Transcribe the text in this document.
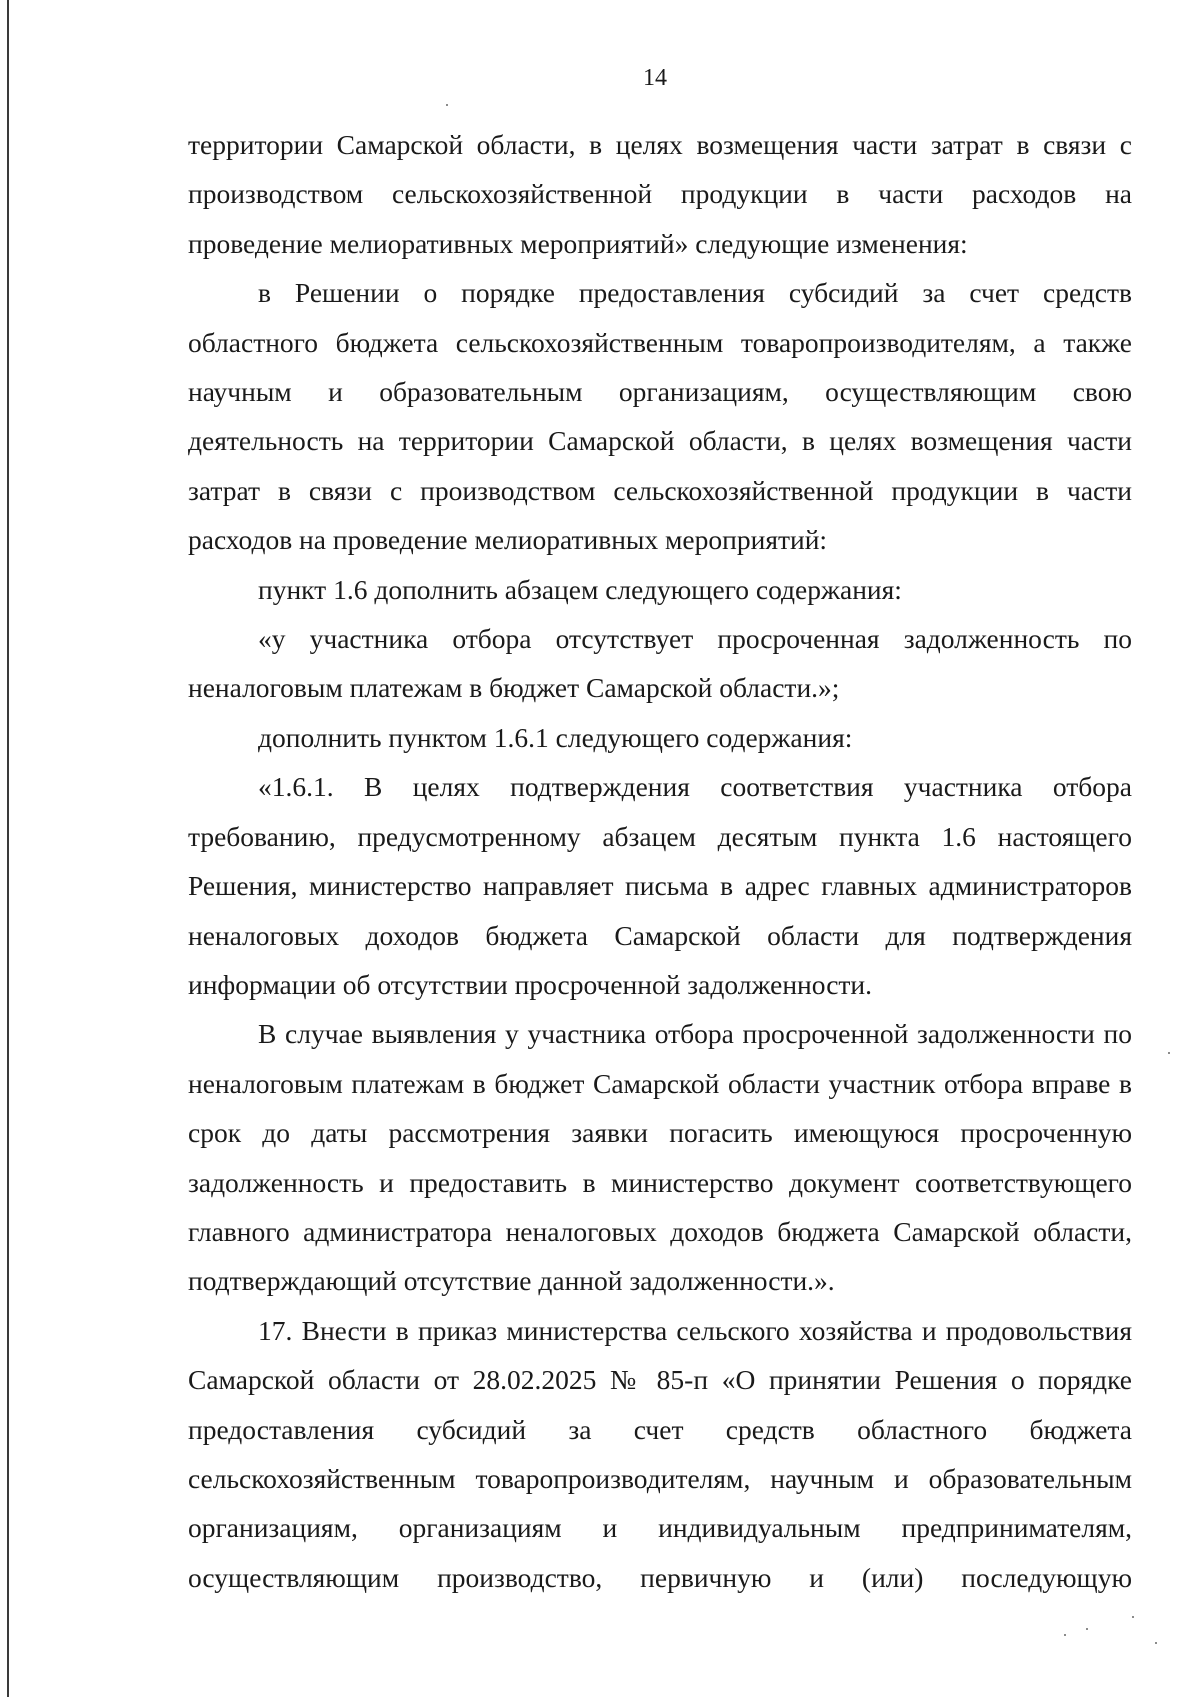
14

территории Самарской области, в целях возмещения части затрат в связи с производством сельскохозяйственной продукции в части расходов на проведение мелиоративных мероприятий» следующие изменения:

в Решении о порядке предоставления субсидий за счет средств областного бюджета сельскохозяйственным товаропроизводителям, а также научным и образовательным организациям, осуществляющим свою деятельность на территории Самарской области, в целях возмещения части затрат в связи с производством сельскохозяйственной продукции в части расходов на проведение мелиоративных мероприятий:

пункт 1.6 дополнить абзацем следующего содержания:

«у участника отбора отсутствует просроченная задолженность по неналоговым платежам в бюджет Самарской области.»;

дополнить пунктом 1.6.1 следующего содержания:

«1.6.1. В целях подтверждения соответствия участника отбора требованию, предусмотренному абзацем десятым пункта 1.6 настоящего Решения, министерство направляет письма в адрес главных администраторов неналоговых доходов бюджета Самарской области для подтверждения информации об отсутствии просроченной задолженности.

В случае выявления у участника отбора просроченной задолженности по неналоговым платежам в бюджет Самарской области участник отбора вправе в срок до даты рассмотрения заявки погасить имеющуюся просроченную задолженность и предоставить в министерство документ соответствующего главного администратора неналоговых доходов бюджета Самарской области, подтверждающий отсутствие данной задолженности.».

17. Внести в приказ министерства сельского хозяйства и продовольствия Самарской области от 28.02.2025 № 85-п «О принятии Решения о порядке предоставления субсидий за счет средств областного бюджета сельскохозяйственным товаропроизводителям, научным и образовательным организациям, организациям и индивидуальным предпринимателям, осуществляющим производство, первичную и (или) последующую
